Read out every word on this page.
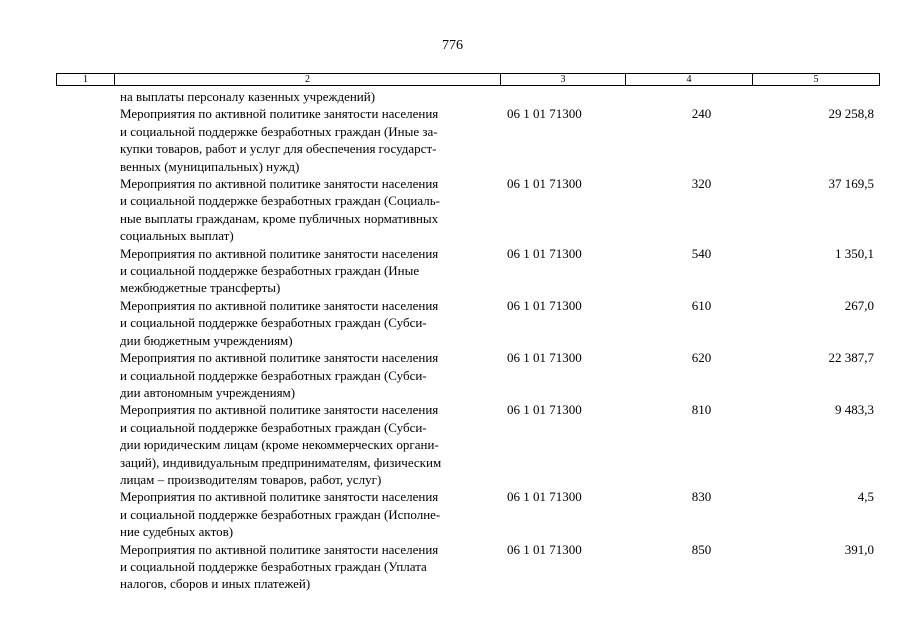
776
1	2	3	4	5
на выплаты персоналу казенных учреждений)
Мероприятия по активной политике занятости населения
и социальной поддержке безработных граждан (Иные за-
купки товаров, работ и услуг для обеспечения государст-
венных (муниципальных) нужд)
06 1 01 71300	240	29 258,8
Мероприятия по активной политике занятости населения
и социальной поддержке безработных граждан (Социаль-
ные выплаты гражданам, кроме публичных нормативных
социальных выплат)
06 1 01 71300	320	37 169,5
Мероприятия по активной политике занятости населения
и социальной поддержке безработных граждан (Иные
межбюджетные трансферты)
06 1 01 71300	540	1 350,1
Мероприятия по активной политике занятости населения
и социальной поддержке безработных граждан (Субси-
дии бюджетным учреждениям)
06 1 01 71300	610	267,0
Мероприятия по активной политике занятости населения
и социальной поддержке безработных граждан (Субси-
дии автономным учреждениям)
06 1 01 71300	620	22 387,7
Мероприятия по активной политике занятости населения
и социальной поддержке безработных граждан (Субси-
дии юридическим лицам (кроме некоммерческих органи-
заций), индивидуальным предпринимателям, физическим
лицам – производителям товаров, работ, услуг)
06 1 01 71300	810	9 483,3
Мероприятия по активной политике занятости населения
и социальной поддержке безработных граждан (Исполне-
ние судебных актов)
06 1 01 71300	830	4,5
Мероприятия по активной политике занятости населения
и социальной поддержке безработных граждан (Уплата
налогов, сборов и иных платежей)
06 1 01 71300	850	391,0
